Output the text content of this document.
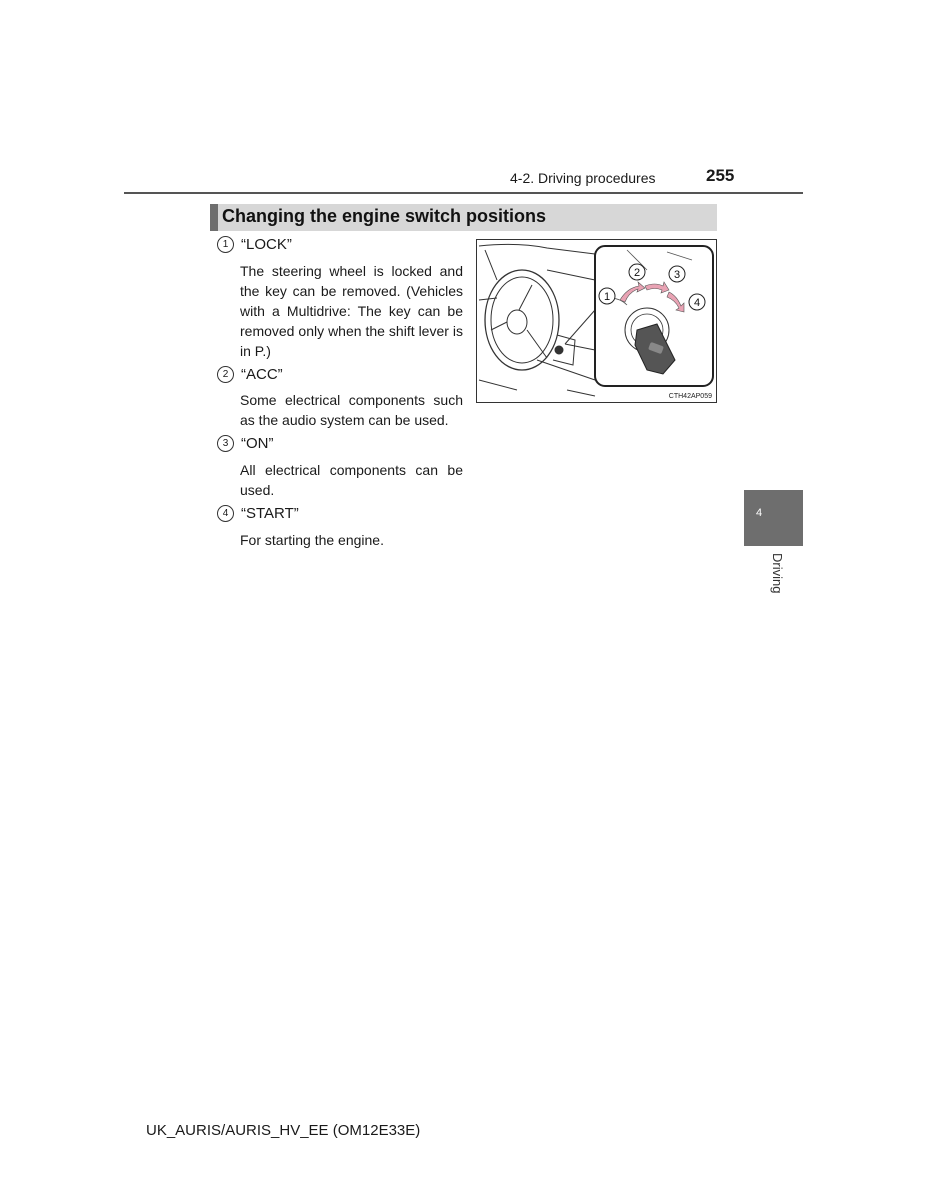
4-2. Driving procedures	255
Changing the engine switch positions
1 “LOCK”
The steering wheel is locked and the key can be removed. (Vehicles with a Multidrive: The key can be removed only when the shift lever is in P.)
2 “ACC”
Some electrical components such as the audio system can be used.
3 “ON”
All electrical components can be used.
4 “START”
For starting the engine.
1
2	3
4
CTH42AP059
4
Driving
UK_AURIS/AURIS_HV_EE (OM12E33E)
